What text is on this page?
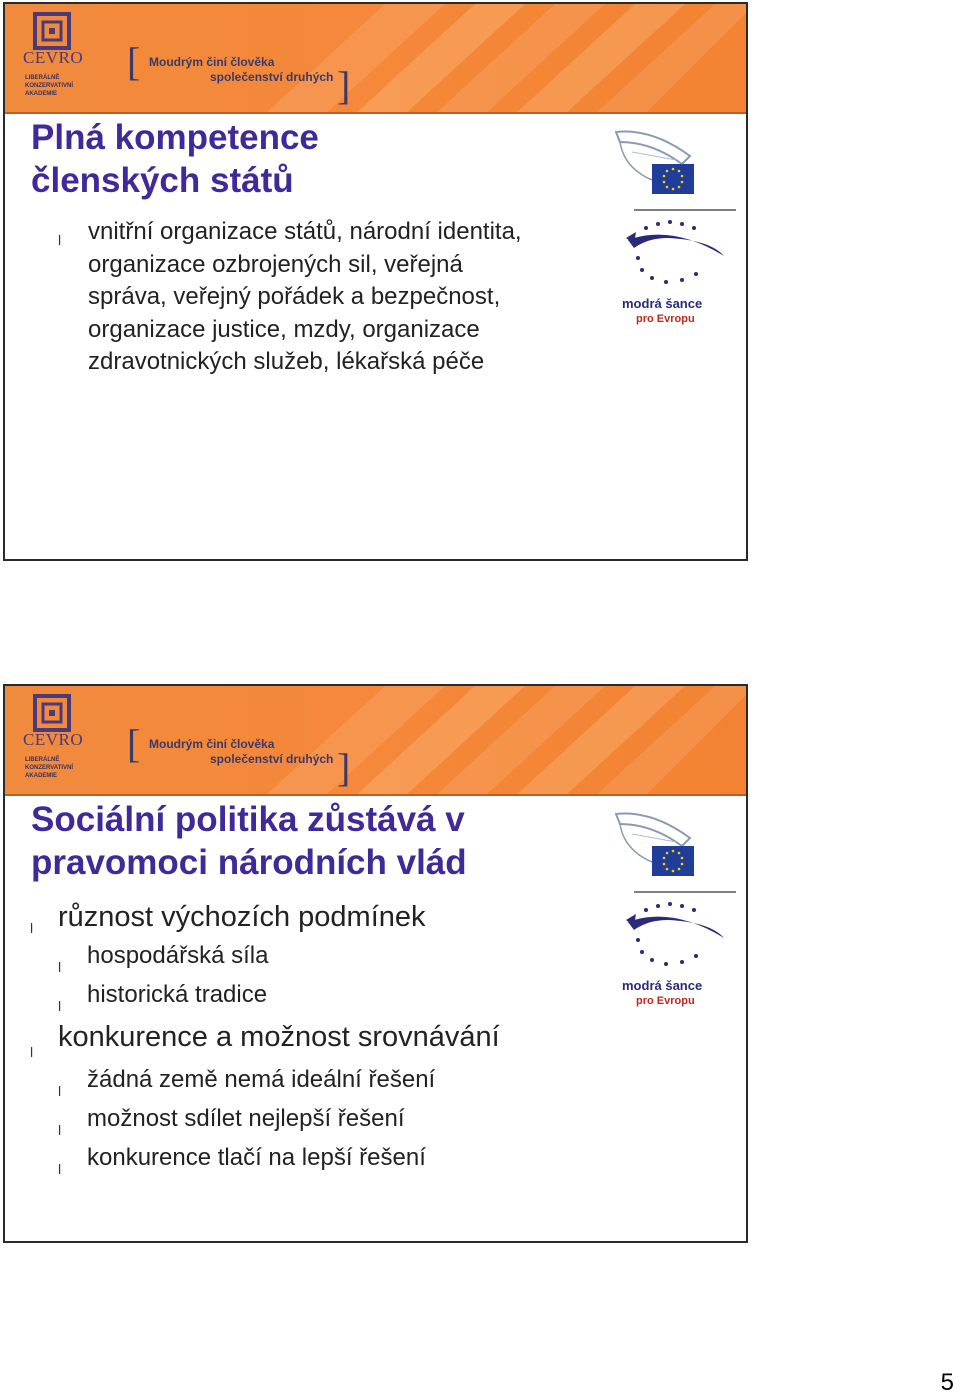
CEVRO
LIBERÁLNĚ
KONZERVATIVNÍ
AKADEMIE
[ Moudrým činí člověka
společenství druhých ]
Plná kompetence
členských států
l vnitřní organizace států, národní identita,
organizace ozbrojených sil, veřejná
správa, veřejný pořádek a bezpečnost,
organizace justice, mzdy, organizace
zdravotnických služeb, lékařská péče
modrá šance
pro Evropu
CEVRO
LIBERÁLNĚ
KONZERVATIVNÍ
AKADEMIE
[ Moudrým činí člověka
společenství druhých ]
Sociální politika zůstává v
pravomoci národních vlád
l různost výchozích podmínek
l hospodářská síla
l historická tradice
l konkurence a možnost srovnávání
l žádná země nemá ideální řešení
l možnost sdílet nejlepší řešení
l konkurence tlačí na lepší řešení
modrá šance
pro Evropu
5
